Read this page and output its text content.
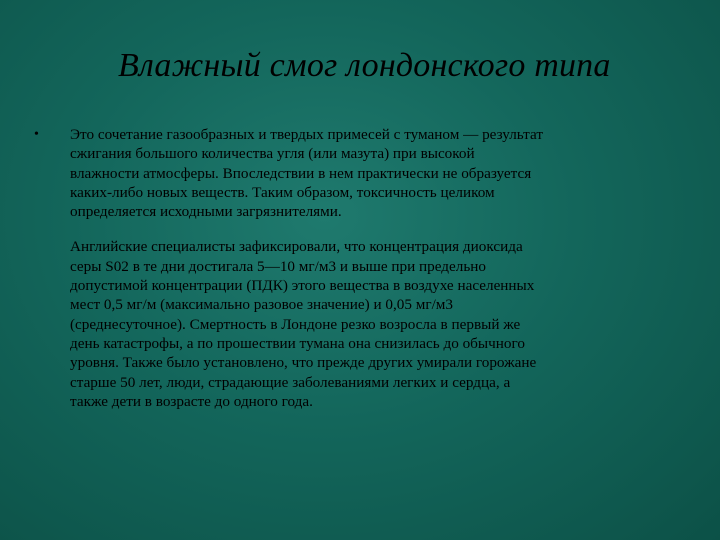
Влажный смог лондонского типа
• Это сочетание газообразных и твердых примесей с туманом — результат
сжигания большого количества угля (или мазута) при высокой
влажности атмосферы. Впоследствии в нем практически не образуется
каких-либо новых веществ. Таким образом, токсичность целиком
определяется исходными загрязнителями.
Английские специалисты зафиксировали, что концентрация диоксида
серы S02 в те дни достигала 5—10 мг/м3 и выше при предельно
допустимой концентрации (ПДК) этого вещества в воздухе населенных
мест 0,5 мг/м (максимально разовое значение) и 0,05 мг/м3
(среднесуточное). Смертность в Лондоне резко возросла в первый же
день катастрофы, а по прошествии тумана она снизилась до обычного
уровня. Также было установлено, что прежде других умирали горожане
старше 50 лет, люди, страдающие заболеваниями легких и сердца, а
также дети в возрасте до одного года.
